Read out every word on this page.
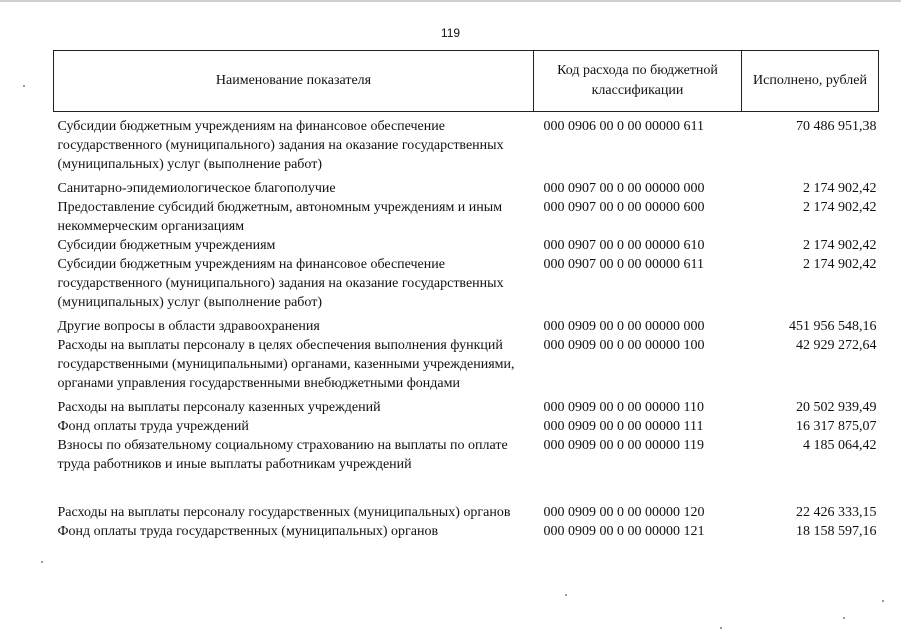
119
Наименование показателя	Код расхода по бюджетной классификации	Исполнено, рублей
Субсидии бюджетным учреждениям на финансовое обеспечение государственного (муниципального) задания на оказание государственных (муниципальных) услуг (выполнение работ)	000 0906 00 0 00 00000 611	70 486 951,38
Санитарно-эпидемиологическое благополучие	000 0907 00 0 00 00000 000	2 174 902,42
Предоставление субсидий бюджетным, автономным учреждениям и иным некоммерческим организациям	000 0907 00 0 00 00000 600	2 174 902,42
Субсидии бюджетным учреждениям	000 0907 00 0 00 00000 610	2 174 902,42
Субсидии бюджетным учреждениям на финансовое обеспечение государственного (муниципального) задания на оказание государственных (муниципальных) услуг (выполнение работ)	000 0907 00 0 00 00000 611	2 174 902,42
Другие вопросы в области здравоохранения	000 0909 00 0 00 00000 000	451 956 548,16
Расходы на выплаты персоналу в целях обеспечения выполнения функций государственными (муниципальными) органами, казенными учреждениями, органами управления государственными внебюджетными фондами	000 0909 00 0 00 00000 100	42 929 272,64
Расходы на выплаты персоналу казенных учреждений	000 0909 00 0 00 00000 110	20 502 939,49
Фонд оплаты труда учреждений	000 0909 00 0 00 00000 111	16 317 875,07
Взносы по обязательному социальному страхованию на выплаты по оплате труда работников и иные выплаты работникам учреждений	000 0909 00 0 00 00000 119	4 185 064,42
Расходы на выплаты персоналу государственных (муниципальных) органов	000 0909 00 0 00 00000 120	22 426 333,15
Фонд оплаты труда государственных (муниципальных) органов	000 0909 00 0 00 00000 121	18 158 597,16
